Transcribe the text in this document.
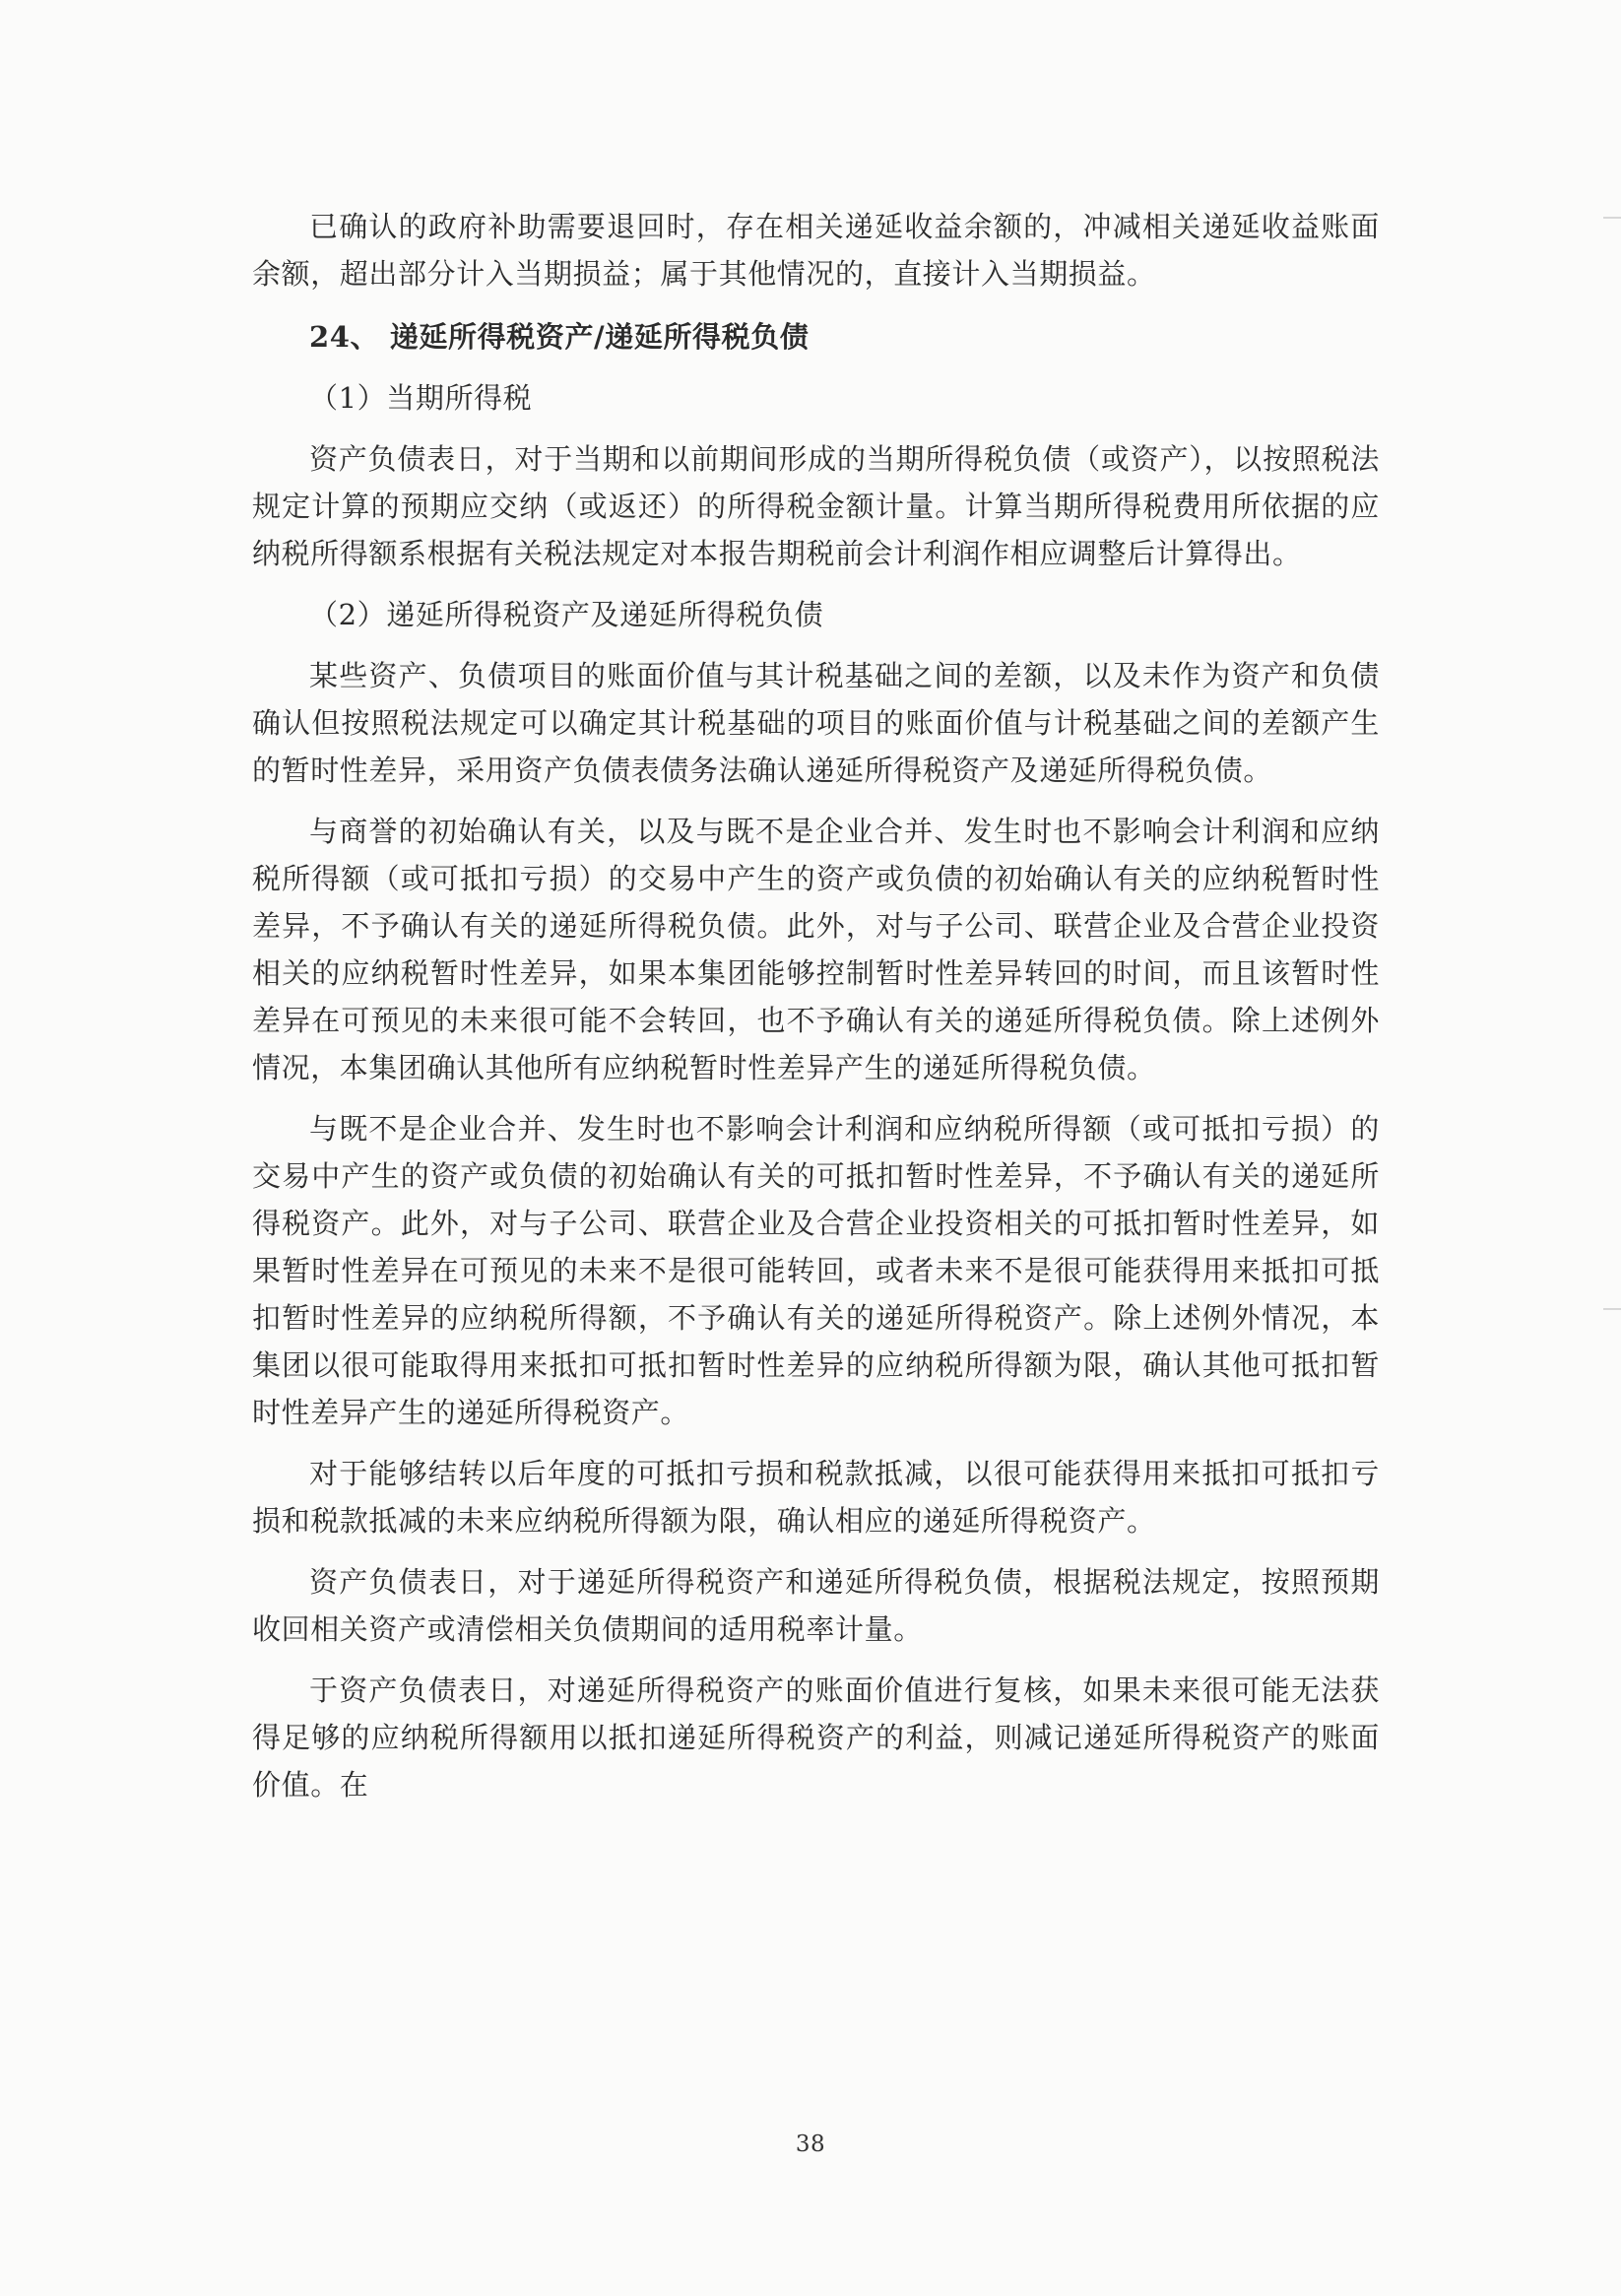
已确认的政府补助需要退回时，存在相关递延收益余额的，冲减相关递延收益账面余额，超出部分计入当期损益；属于其他情况的，直接计入当期损益。

24、 递延所得税资产/递延所得税负债

（1）当期所得税

资产负债表日，对于当期和以前期间形成的当期所得税负债（或资产），以按照税法规定计算的预期应交纳（或返还）的所得税金额计量。计算当期所得税费用所依据的应纳税所得额系根据有关税法规定对本报告期税前会计利润作相应调整后计算得出。

（2）递延所得税资产及递延所得税负债

某些资产、负债项目的账面价值与其计税基础之间的差额，以及未作为资产和负债确认但按照税法规定可以确定其计税基础的项目的账面价值与计税基础之间的差额产生的暂时性差异，采用资产负债表债务法确认递延所得税资产及递延所得税负债。

与商誉的初始确认有关，以及与既不是企业合并、发生时也不影响会计利润和应纳税所得额（或可抵扣亏损）的交易中产生的资产或负债的初始确认有关的应纳税暂时性差异，不予确认有关的递延所得税负债。此外，对与子公司、联营企业及合营企业投资相关的应纳税暂时性差异，如果本集团能够控制暂时性差异转回的时间，而且该暂时性差异在可预见的未来很可能不会转回，也不予确认有关的递延所得税负债。除上述例外情况，本集团确认其他所有应纳税暂时性差异产生的递延所得税负债。

与既不是企业合并、发生时也不影响会计利润和应纳税所得额（或可抵扣亏损）的交易中产生的资产或负债的初始确认有关的可抵扣暂时性差异，不予确认有关的递延所得税资产。此外，对与子公司、联营企业及合营企业投资相关的可抵扣暂时性差异，如果暂时性差异在可预见的未来不是很可能转回，或者未来不是很可能获得用来抵扣可抵扣暂时性差异的应纳税所得额，不予确认有关的递延所得税资产。除上述例外情况，本集团以很可能取得用来抵扣可抵扣暂时性差异的应纳税所得额为限，确认其他可抵扣暂时性差异产生的递延所得税资产。

对于能够结转以后年度的可抵扣亏损和税款抵减，以很可能获得用来抵扣可抵扣亏损和税款抵减的未来应纳税所得额为限，确认相应的递延所得税资产。

资产负债表日，对于递延所得税资产和递延所得税负债，根据税法规定，按照预期收回相关资产或清偿相关负债期间的适用税率计量。

于资产负债表日，对递延所得税资产的账面价值进行复核，如果未来很可能无法获得足够的应纳税所得额用以抵扣递延所得税资产的利益，则减记递延所得税资产的账面价值。在

38
